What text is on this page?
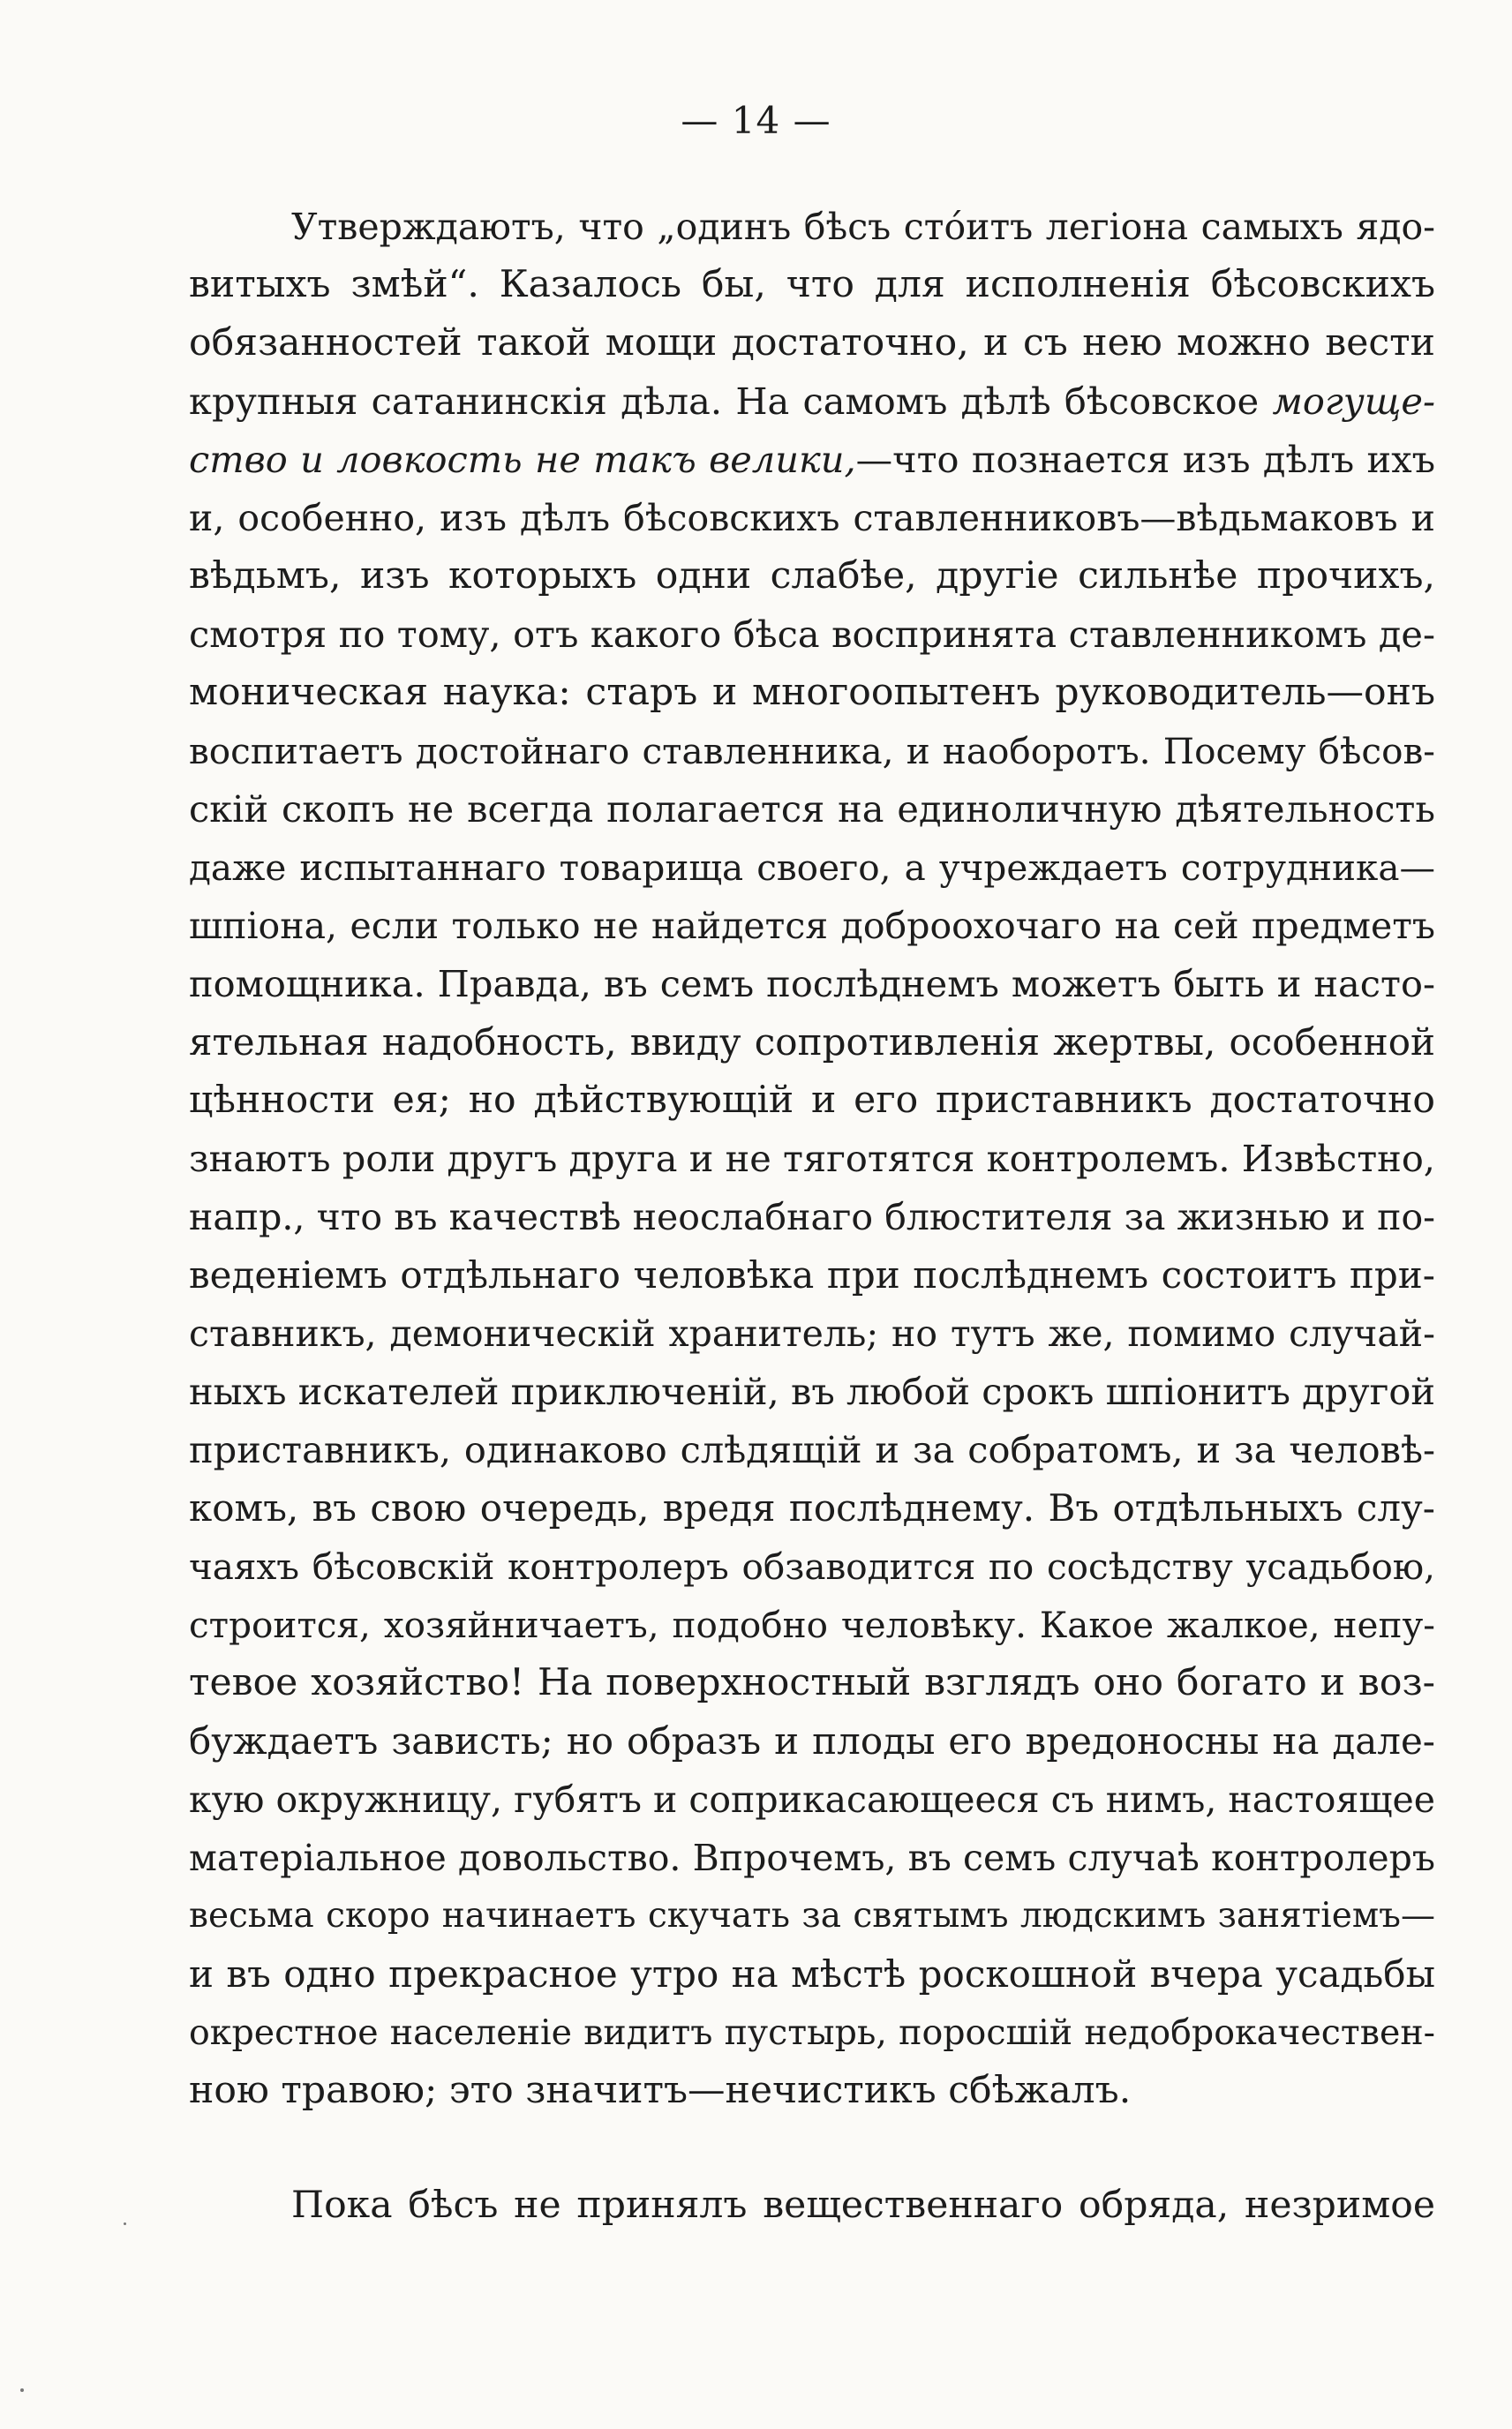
— 14 —
Утверждаютъ, что „одинъ бѣсъ стóитъ легіона самыхъ ядо-
витыхъ змѣй“. Казалось бы, что для исполненія бѣсовскихъ
обязанностей такой мощи достаточно, и съ нею можно вести
крупныя сатанинскія дѣла. На самомъ дѣлѣ бѣсовское могуще-
ство и ловкость не такъ велики,—что познается изъ дѣлъ ихъ
и, особенно, изъ дѣлъ бѣсовскихъ ставленниковъ—вѣдьмаковъ и
вѣдьмъ, изъ которыхъ одни слабѣе, другіе сильнѣе прочихъ,
смотря по тому, отъ какого бѣса воспринята ставленникомъ де-
моническая наука: старъ и многоопытенъ руководитель—онъ
воспитаетъ достойнаго ставленника, и наоборотъ. Посему бѣсов-
скій скопъ не всегда полагается на единоличную дѣятельность
даже испытаннаго товарища своего, а учреждаетъ сотрудника—
шпіона, если только не найдется доброохочаго на сей предметъ
помощника. Правда, въ семъ послѣднемъ можетъ быть и насто-
ятельная надобность, ввиду сопротивленія жертвы, особенной
цѣнности ея; но дѣйствующій и его приставникъ достаточно
знаютъ роли другъ друга и не тяготятся контролемъ. Извѣстно,
напр., что въ качествѣ неослабнаго блюстителя за жизнью и по-
веденіемъ отдѣльнаго человѣка при послѣднемъ состоитъ при-
ставникъ, демоническій хранитель; но тутъ же, помимо случай-
ныхъ искателей приключеній, въ любой срокъ шпіонитъ другой
приставникъ, одинаково слѣдящій и за собратомъ, и за человѣ-
комъ, въ свою очередь, вредя послѣднему. Въ отдѣльныхъ слу-
чаяхъ бѣсовскій контролеръ обзаводится по сосѣдству усадьбою,
строится, хозяйничаетъ, подобно человѣку. Какое жалкое, непу-
тевое хозяйство! На поверхностный взглядъ оно богато и воз-
буждаетъ зависть; но образъ и плоды его вредоносны на дале-
кую окружницу, губятъ и соприкасающееся съ нимъ, настоящее
матеріальное довольство. Впрочемъ, въ семъ случаѣ контролеръ
весьма скоро начинаетъ скучать за святымъ людскимъ занятіемъ—
и въ одно прекрасное утро на мѣстѣ роскошной вчера усадьбы
окрестное населеніе видитъ пустырь, поросшій недоброкачествен-
ною травою; это значитъ—нечистикъ сбѣжалъ.
Пока бѣсъ не принялъ вещественнаго обряда, незримое
